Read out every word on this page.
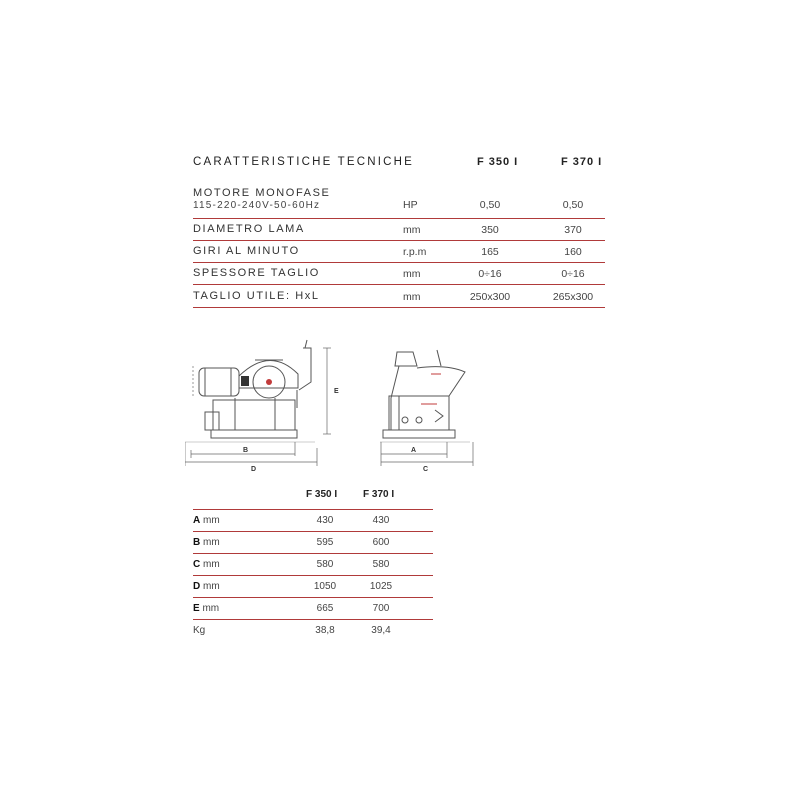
CARATTERISTICHE TECNICHE	F 350 I	F 370 I
MOTORE MONOFASE
115-220-240V-50-60Hz	HP	0,50	0,50
DIAMETRO LAMA	mm	350	370
GIRI AL MINUTO	r.p.m	165	160
SPESSORE TAGLIO	mm	0÷16	0÷16
TAGLIO UTILE: HxL	mm	250x300	265x300
B
D
E
A
C
F 350 I	F 370 I
A mm	430	430
B mm	595	600
C mm	580	580
D mm	1050	1025
E mm	665	700
Kg	38,8	39,4
